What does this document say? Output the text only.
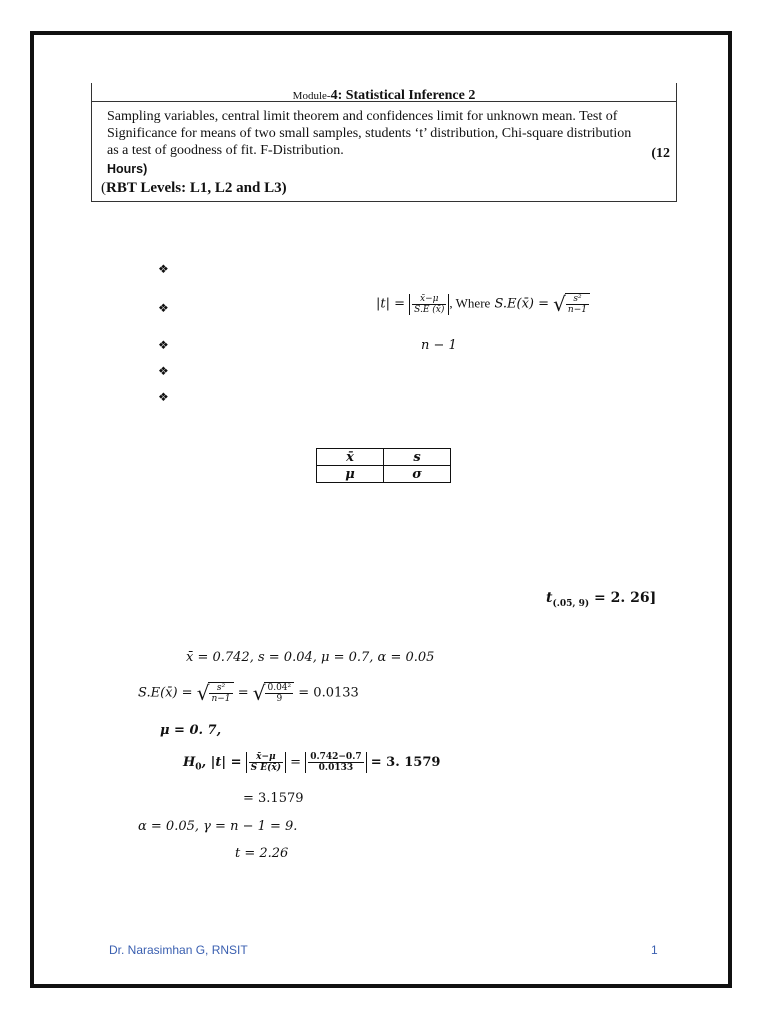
Module-4: Statistical Inference 2
Sampling variables, central limit theorem and confidences limit for unknown mean. Test of
Significance for means of two small samples, students ‘t’ distribution, Chi-square distribution
as a test of goodness of fit. F-Distribution.	(12
Hours)
(RBT Levels: L1, L2 and L3)
❖
❖
❖
❖
❖
$|t| = \frac{x̄-\mu}{S.E (x̄)}$ , Where S.E(x̄) = √ $\frac{\text{s²}}{n-1}$
n − 1
x̄	s
μ	σ
$t_{(.05, 9)} = 2$. 26]
x̄ = 0.742, s = 0.04, μ = 0.7, α = 0.05
S.E(x̄) = √ $\frac{\text{s²}}{n-1}$ = √ $\frac{\text{0.04²}}{9} = 0.0133$
μ = 0. 7,
$H_0$, $|t| = \frac{x̄-\mu}{\text{S E(x̄)}} = \frac{0.742-0.7}{0.0133} = 3$. 1579
= 3.1579
α = 0.05, γ = n − 1 = 9.
t = 2.26
Dr. Narasimhan G, RNSIT	1
